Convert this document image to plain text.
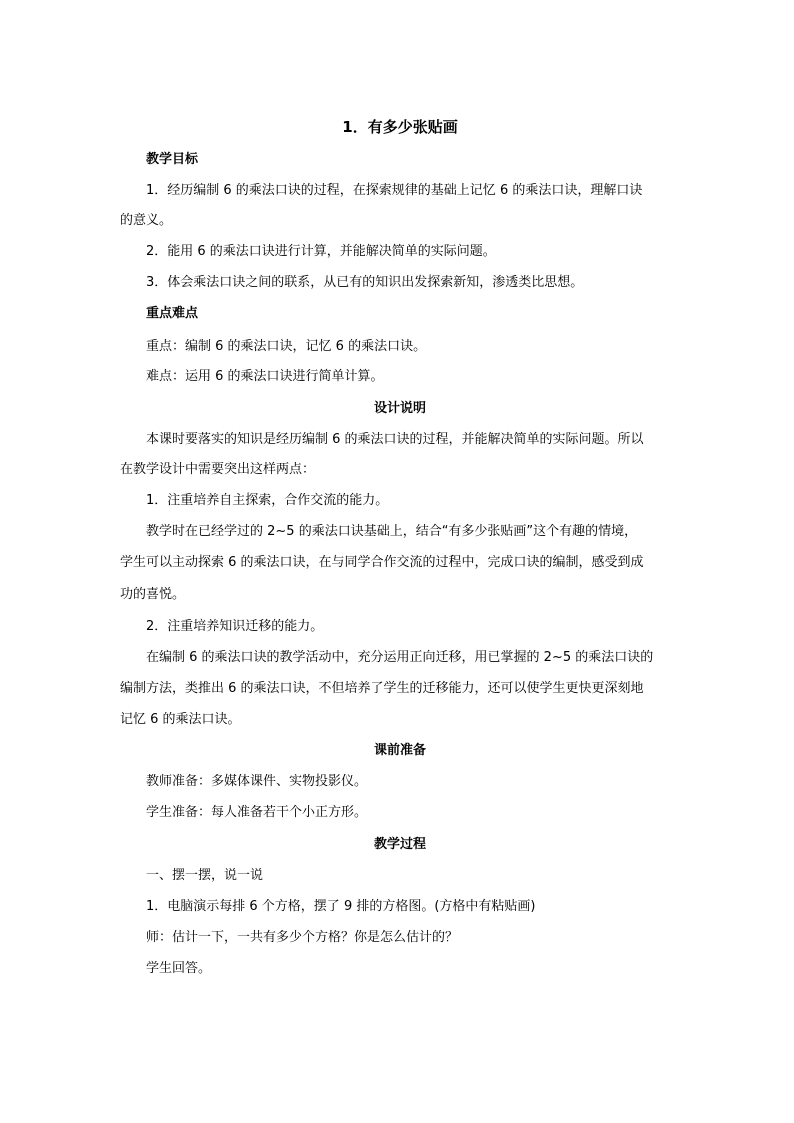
1．有多少张贴画
教学目标
1．经历编制 6 的乘法口诀的过程，在探索规律的基础上记忆 6 的乘法口诀，理解口诀
的意义。
2．能用 6 的乘法口诀进行计算，并能解决简单的实际问题。
3．体会乘法口诀之间的联系，从已有的知识出发探索新知，渗透类比思想。
重点难点
重点：编制 6 的乘法口诀，记忆 6 的乘法口诀。
难点：运用 6 的乘法口诀进行简单计算。
设计说明
本课时要落实的知识是经历编制 6 的乘法口诀的过程，并能解决简单的实际问题。所以
在教学设计中需要突出这样两点：
1．注重培养自主探索，合作交流的能力。
教学时在已经学过的 2~5 的乘法口诀基础上，结合“有多少张贴画”这个有趣的情境，
学生可以主动探索 6 的乘法口诀，在与同学合作交流的过程中，完成口诀的编制，感受到成
功的喜悦。
2．注重培养知识迁移的能力。
在编制 6 的乘法口诀的教学活动中，充分运用正向迁移，用已掌握的 2~5 的乘法口诀的
编制方法，类推出 6 的乘法口诀，不但培养了学生的迁移能力，还可以使学生更快更深刻地
记忆 6 的乘法口诀。
课前准备
教师准备：多媒体课件、实物投影仪。
学生准备：每人准备若干个小正方形。
教学过程
一、摆一摆，说一说
1．电脑演示每排 6 个方格，摆了 9 排的方格图。(方格中有粘贴画)
师：估计一下，一共有多少个方格？你是怎么估计的？
学生回答。
